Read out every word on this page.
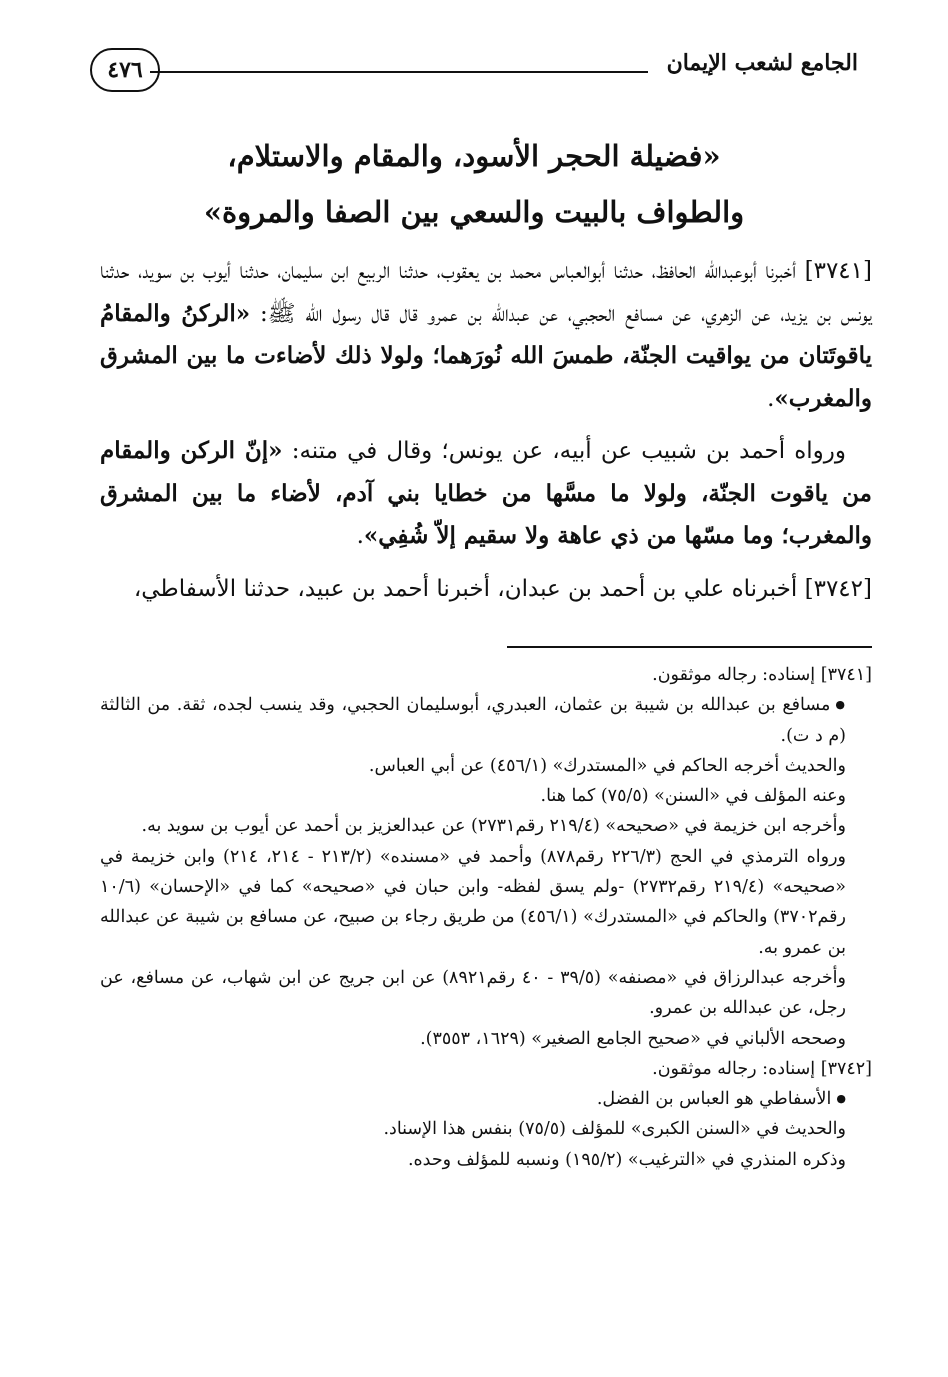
الجامع لشعب الإيمان
٤٧٦
«فضيلة الحجر الأسود، والمقام والاستلام،
والطواف بالبيت والسعي بين الصفا والمروة»

[٣٧٤١] أخبرنا أبوعبدالله الحافظ، حدثنا أبوالعباس محمد بن يعقوب، حدثنا الربيع ابن سليمان، حدثنا أيوب بن سويد، حدثنا يونس بن يزيد، عن الزهري، عن مسافع الحجبي، عن عبدالله بن عمرو قال قال رسول الله ﷺ: «الركنُ والمقامُ ياقوتَتان من يواقيت الجنّة، طمسَ الله نُورَهما؛ ولولا ذلك لأضاءت ما بين المشرق والمغرب».

ورواه أحمد بن شبيب عن أبيه، عن يونس؛ وقال في متنه: «إنّ الركن والمقام من ياقوت الجنّة، ولولا ما مسَّها من خطايا بني آدم، لأضاء ما بين المشرق والمغرب؛ وما مسّها من ذي عاهة ولا سقيم إلاّ شُفِي».

[٣٧٤٢] أخبرناه علي بن أحمد بن عبدان، أخبرنا أحمد بن عبيد، حدثنا الأسفاطي،

[٣٧٤١] إسناده: رجاله موثقون.

● مسافع بن عبدالله بن شيبة بن عثمان، العبدري، أبوسليمان الحجبي، وقد ينسب لجده، ثقة. من الثالثة (م د ت).

والحديث أخرجه الحاكم في «المستدرك» (٤٥٦/١) عن أبي العباس.

وعنه المؤلف في «السنن» (٧٥/٥) كما هنا.

وأخرجه ابن خزيمة في «صحيحه» (٢١٩/٤ رقم٢٧٣١) عن عبدالعزيز بن أحمد عن أيوب بن سويد به.

ورواه الترمذي في الحج (٢٢٦/٣ رقم٨٧٨) وأحمد في «مسنده» (٢١٣/٢ - ٢١٤، ٢١٤) وابن خزيمة في «صحيحه» (٢١٩/٤ رقم٢٧٣٢) -ولم يسق لفظه- وابن حبان في «صحيحه» كما في «الإحسان» (١٠/٦ رقم٣٧٠٢) والحاكم في «المستدرك» (٤٥٦/١) من طريق رجاء بن صبيح، عن مسافع بن شيبة عن عبدالله بن عمرو به.

وأخرجه عبدالرزاق في «مصنفه» (٣٩/٥ - ٤٠ رقم٨٩٢١) عن ابن جريج عن ابن شهاب، عن مسافع، عن رجل، عن عبدالله بن عمرو.

وصححه الألباني في «صحيح الجامع الصغير» (١٦٢٩، ٣٥٥٣).

[٣٧٤٢] إسناده: رجاله موثقون.

● الأسفاطي هو العباس بن الفضل.

والحديث في «السنن الكبرى» للمؤلف (٧٥/٥) بنفس هذا الإسناد.

وذكره المنذري في «الترغيب» (١٩٥/٢) ونسبه للمؤلف وحده.
